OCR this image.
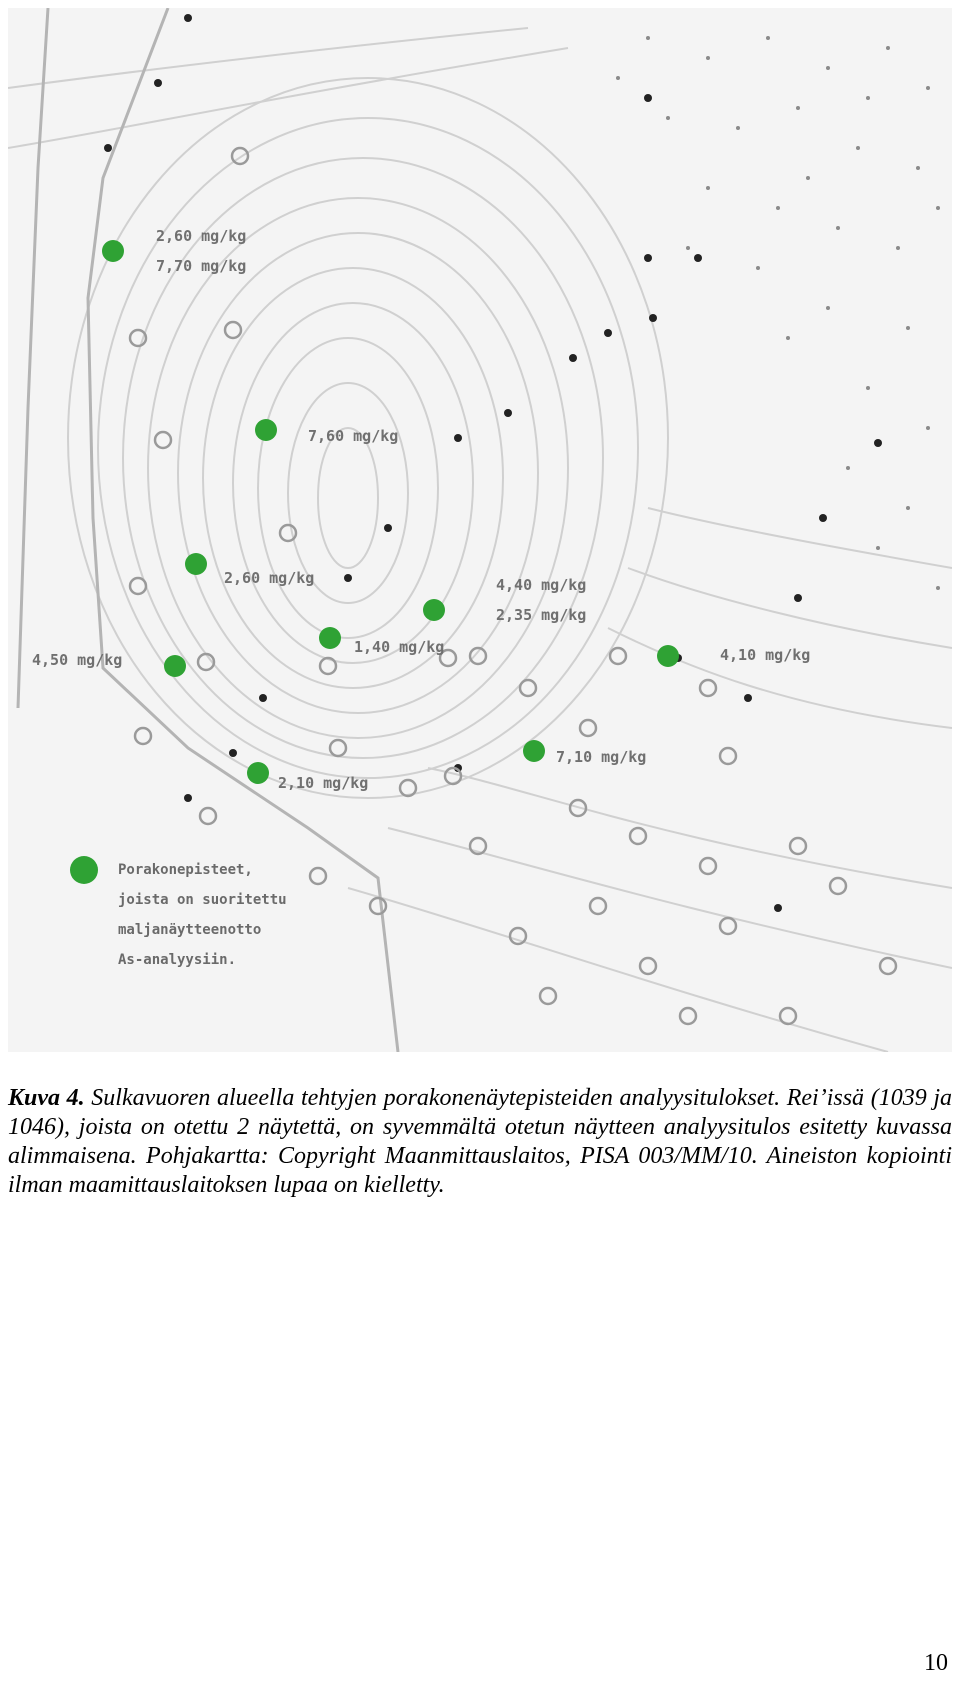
2,60 mg/kg
7,70 mg/kg
7,60 mg/kg
2,60 mg/kg	4,40 mg/kg
2,35 mg/kg
1,40 mg/kg
4,50 mg/kg	4,10 mg/kg
7,10 mg/kg
2,10 mg/kg
Porakonepisteet,
joista on suoritettu
maljanäytteenotto
As-analyysiin.
Kuva 4. Sulkavuoren alueella tehtyjen porakonenäytepisteiden analyysitulokset. Rei’issä (1039 ja 1046), joista on otettu 2 näytettä, on syvemmältä otetun näytteen analyysitulos esitetty kuvassa alimmaisena. Pohjakartta: Copyright Maanmittauslaitos, PISA 003/MM/10. Aineiston kopiointi ilman maamittauslaitoksen lupaa on kielletty.
10
